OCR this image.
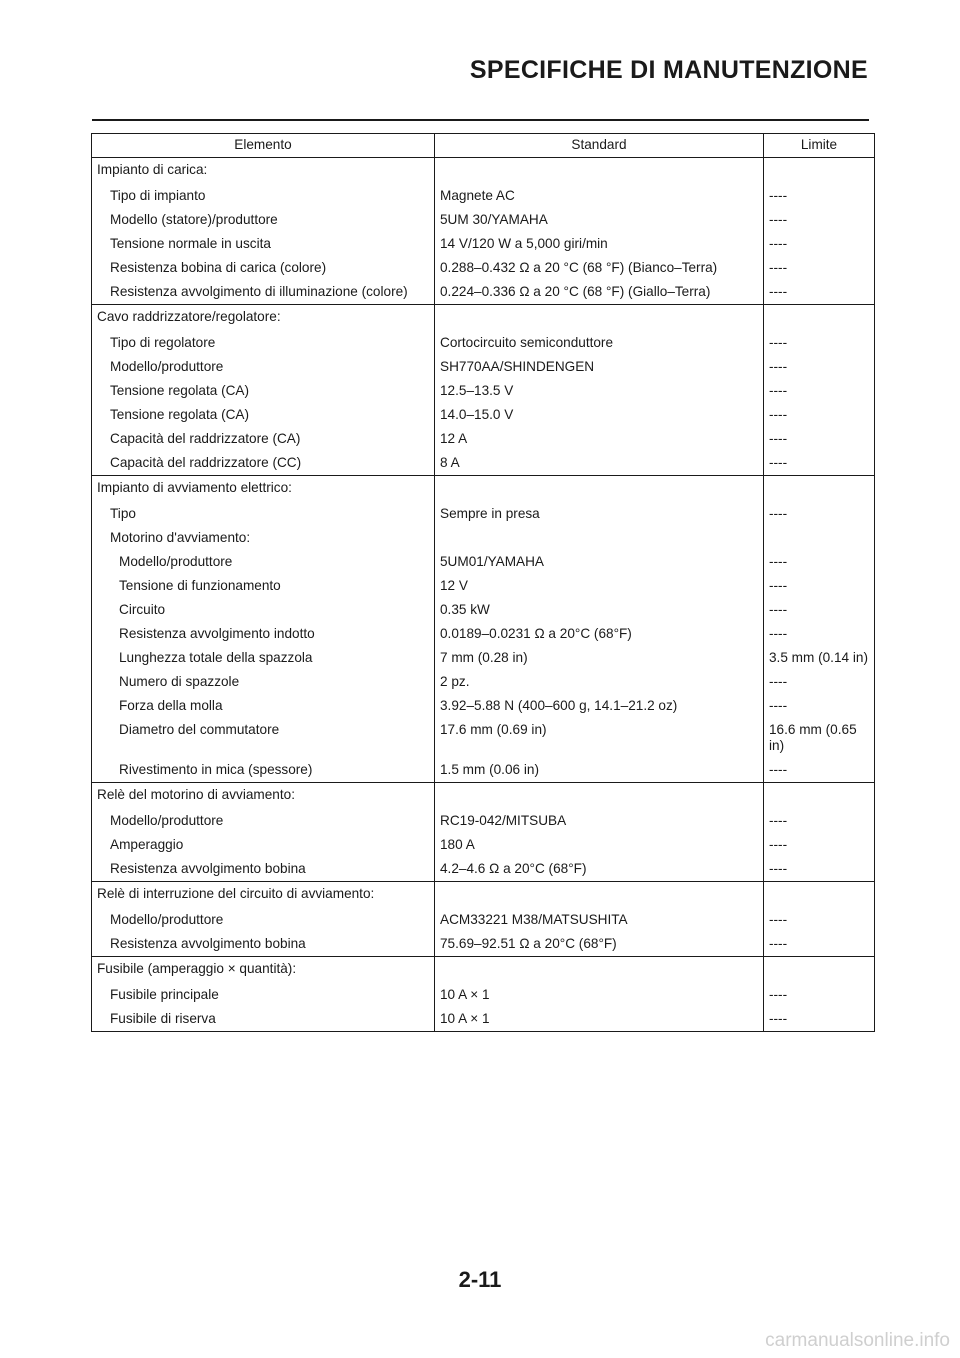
SPECIFICHE DI MANUTENZIONE
Elemento	Standard	Limite
Impianto di carica:		
Tipo di impianto	Magnete AC	----
Modello (statore)/produttore	5UM 30/YAMAHA	----
Tensione normale in uscita	14 V/120 W a 5,000 giri/min	----
Resistenza bobina di carica (colore)	0.288–0.432 Ω a 20 °C (68 °F) (Bianco–Terra)	----
Resistenza avvolgimento di illuminazione (colore)	0.224–0.336 Ω a 20 °C (68 °F) (Giallo–Terra)	----
Cavo raddrizzatore/regolatore:		
Tipo di regolatore	Cortocircuito semiconduttore	----
Modello/produttore	SH770AA/SHINDENGEN	----
Tensione regolata (CA)	12.5–13.5 V	----
Tensione regolata (CA)	14.0–15.0 V	----
Capacità del raddrizzatore (CA)	12 A	----
Capacità del raddrizzatore (CC)	8 A	----
Impianto di avviamento elettrico:		
Tipo	Sempre in presa	----
Motorino d'avviamento:		
Modello/produttore	5UM01/YAMAHA	----
Tensione di funzionamento	12 V	----
Circuito	0.35 kW	----
Resistenza avvolgimento indotto	0.0189–0.0231 Ω a 20°C (68°F)	----
Lunghezza totale della spazzola	7 mm (0.28 in)	3.5 mm (0.14 in)
Numero di spazzole	2 pz.	----
Forza della molla	3.92–5.88 N (400–600 g, 14.1–21.2 oz)	----
Diametro del commutatore	17.6 mm (0.69 in)	16.6 mm (0.65 in)
Rivestimento in mica (spessore)	1.5 mm (0.06 in)	----
Relè del motorino di avviamento:		
Modello/produttore	RC19-042/MITSUBA	----
Amperaggio	180 A	----
Resistenza avvolgimento bobina	4.2–4.6 Ω a 20°C (68°F)	----
Relè di interruzione del circuito di avviamento:		
Modello/produttore	ACM33221 M38/MATSUSHITA	----
Resistenza avvolgimento bobina	75.69–92.51 Ω a 20°C (68°F)	----
Fusibile (amperaggio × quantità):		
Fusibile principale	10 A × 1	----
Fusibile di riserva	10 A × 1	----
2-11
carmanualsonline.info
